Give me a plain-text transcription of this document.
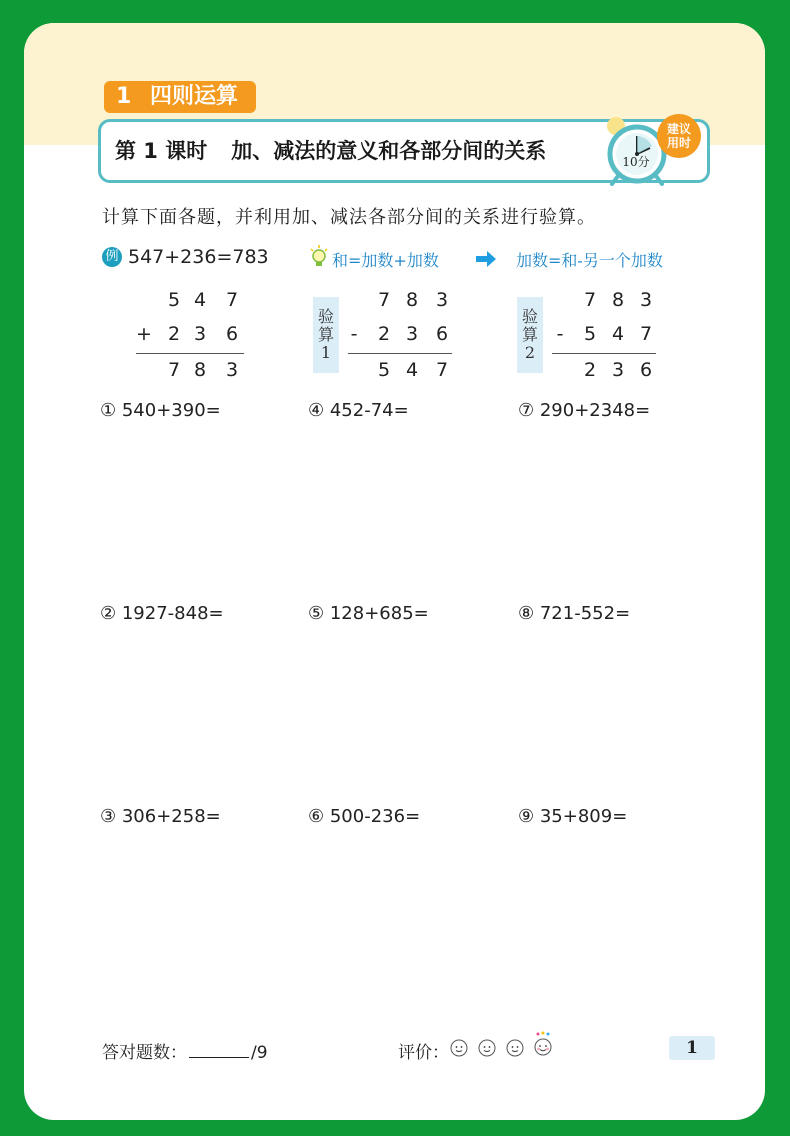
1 四则运算
第 1 课时 加、减法的意义和各部分间的关系	10分
建议
用时
计算下面各题，并利用加、减法各部分间的关系进行验算。
例 547+236=783	和=加数+加数	加数=和-另一个加数
5 4 7
+ 2 3 6
7 8 3
验
算
1
7 8 3
-	2 3 6
5 4 7
验
算
2
7 8 3
-	5 4 7
2 3 6
① 540+390=
② 1927-848=
③ 306+258=
④ 452-74=
⑤ 128+685=
⑥ 500-236=
⑦ 290+2348=
⑧ 721-552=
⑨ 35+809=
答对题数：	/9	评价：	1
